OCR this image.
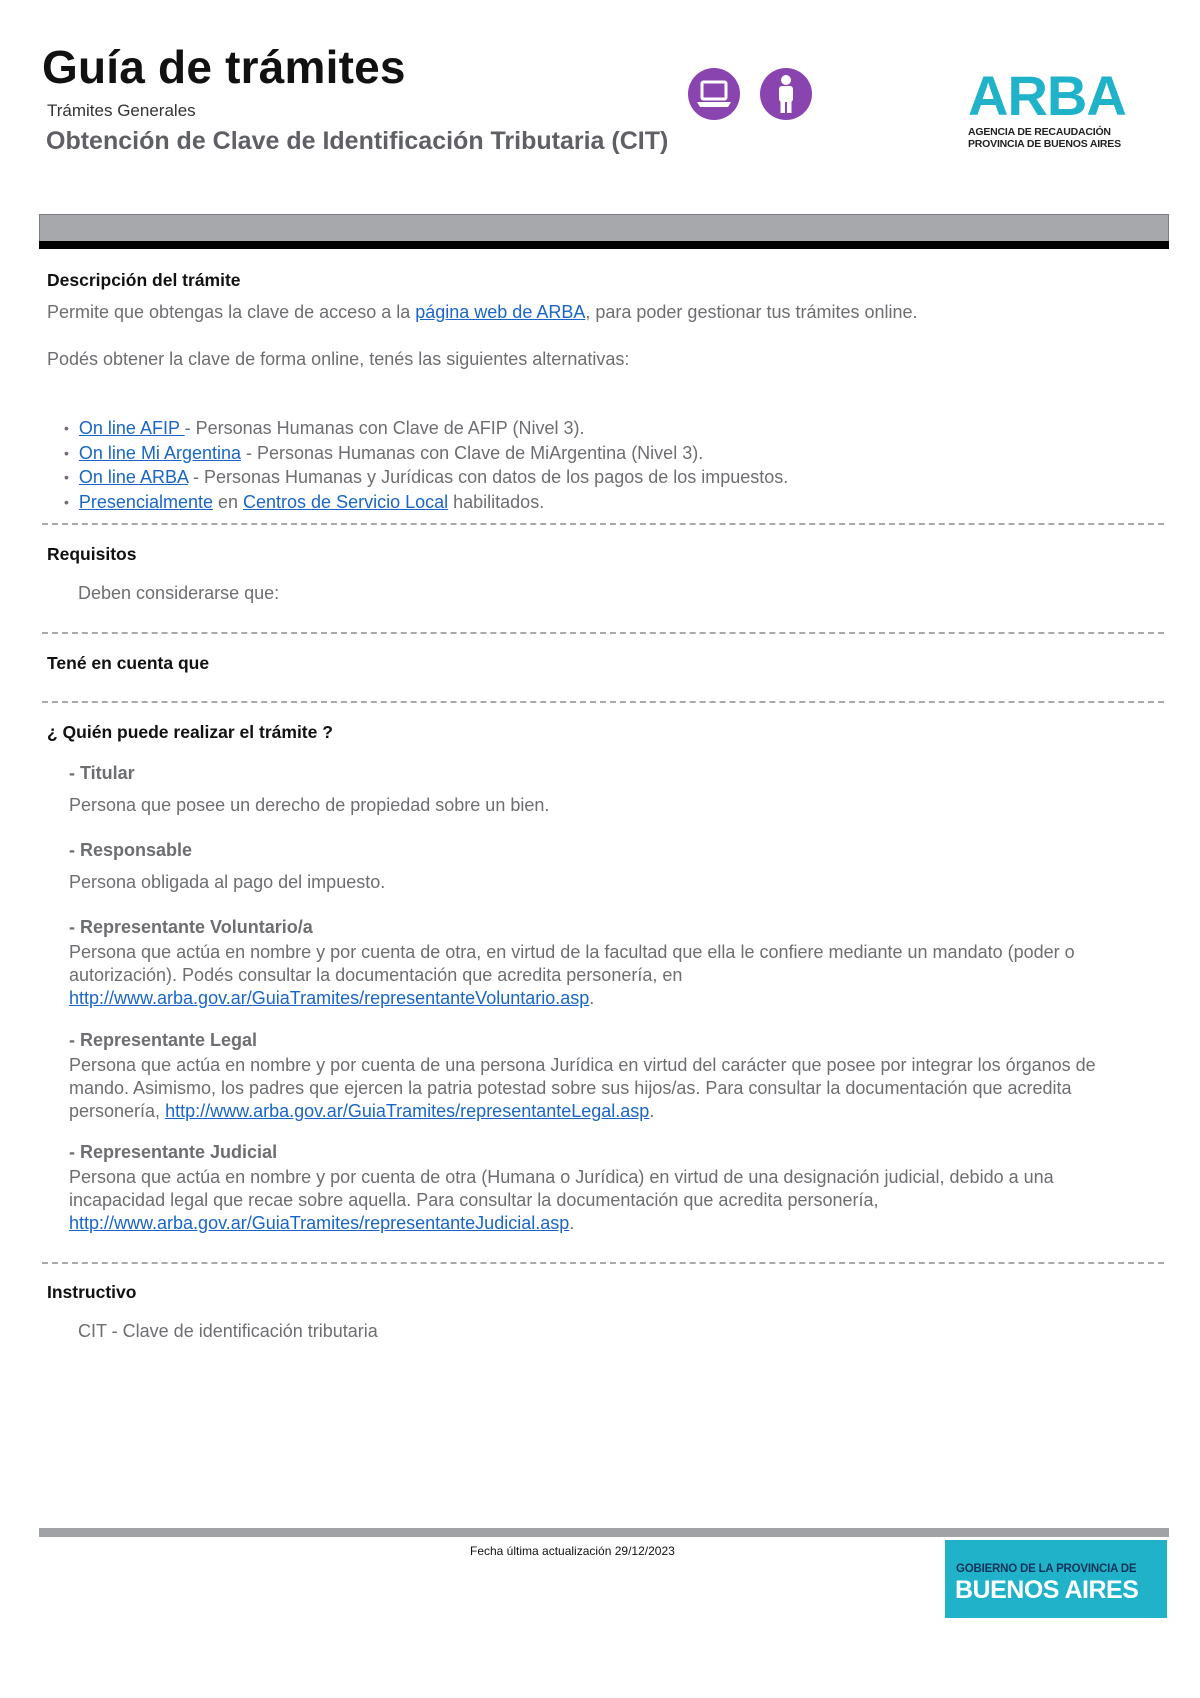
Guía de trámites
Trámites Generales
Obtención de Clave de Identificación Tributaria (CIT)
ARBA
AGENCIA DE RECAUDACIÓN
PROVINCIA DE BUENOS AIRES
Descripción del trámite
Permite que obtengas la clave de acceso a la página web de ARBA, para poder gestionar tus trámites online.
Podés obtener la clave de forma online, tenés las siguientes alternativas:
• On line AFIP - Personas Humanas con Clave de AFIP (Nivel 3).
• On line Mi Argentina - Personas Humanas con Clave de MiArgentina (Nivel 3).
• On line ARBA - Personas Humanas y Jurídicas con datos de los pagos de los impuestos.
• Presencialmente en Centros de Servicio Local habilitados.
Requisitos
Deben considerarse que:
Tené en cuenta que
¿ Quién puede realizar el trámite ?
- Titular
Persona que posee un derecho de propiedad sobre un bien.
- Responsable
Persona obligada al pago del impuesto.
- Representante Voluntario/a
Persona que actúa en nombre y por cuenta de otra, en virtud de la facultad que ella le confiere mediante un mandato (poder o autorización). Podés consultar la documentación que acredita personería, en http://www.arba.gov.ar/GuiaTramites/representanteVoluntario.asp.
- Representante Legal
Persona que actúa en nombre y por cuenta de una persona Jurídica en virtud del carácter que posee por integrar los órganos de mando. Asimismo, los padres que ejercen la patria potestad sobre sus hijos/as. Para consultar la documentación que acredita personería, http://www.arba.gov.ar/GuiaTramites/representanteLegal.asp.
- Representante Judicial
Persona que actúa en nombre y por cuenta de otra (Humana o Jurídica) en virtud de una designación judicial, debido a una incapacidad legal que recae sobre aquella. Para consultar la documentación que acredita personería, http://www.arba.gov.ar/GuiaTramites/representanteJudicial.asp.
Instructivo
CIT - Clave de identificación tributaria
Fecha última actualización 29/12/2023
GOBIERNO DE LA PROVINCIA DE
BUENOS AIRES
